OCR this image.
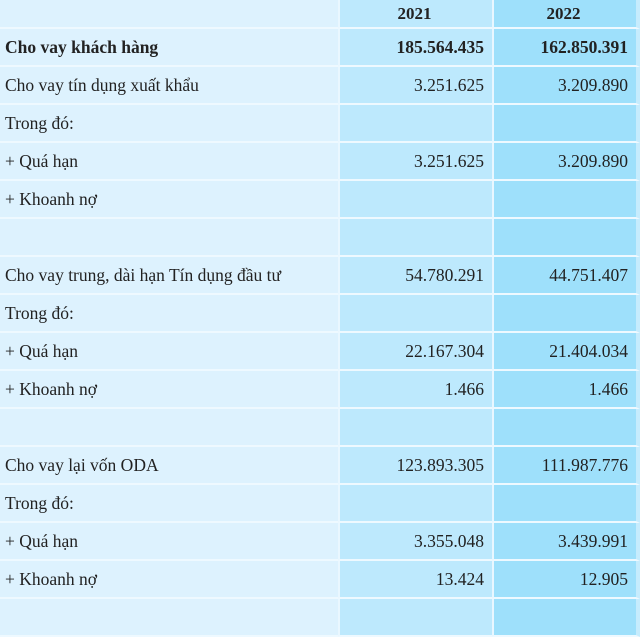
	2021	2022
Cho vay khách hàng	185.564.435	162.850.391
Cho vay tín dụng xuất khẩu	3.251.625	3.209.890
Trong đó:		
+ Quá hạn	3.251.625	3.209.890
+ Khoanh nợ		

Cho vay trung, dài hạn Tín dụng đầu tư	54.780.291	44.751.407
Trong đó:		
+ Quá hạn	22.167.304	21.404.034
+ Khoanh nợ	1.466	1.466

Cho vay lại vốn ODA	123.893.305	111.987.776
Trong đó:		
+ Quá hạn	3.355.048	3.439.991
+ Khoanh nợ	13.424	12.905
